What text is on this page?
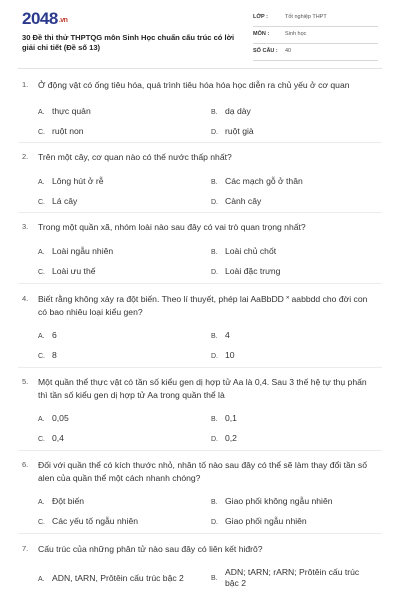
2048.vn
30 Đề thi thử THPTQG môn Sinh Học chuẩn cấu trúc có lời giải chi tiết (Đề số 13)
LỚP :	Tốt nghiệp THPT
MÔN :	Sinh học
SỐ CÂU : 40
1. Ở động vật có ống tiêu hóa, quá trình tiêu hóa hóa học diễn ra chủ yếu ở cơ quan
A. thực quản	B. dạ dày
C. ruột non	D. ruột già
2. Trên một cây, cơ quan nào có thế nước thấp nhất?
A. Lông hút ở rễ	B. Các mạch gỗ ở thân
C. Lá cây	D. Cành cây
3. Trong một quần xã, nhóm loài nào sau đây có vai trò quan trọng nhất?
A. Loài ngẫu nhiên	B. Loài chủ chốt
C. Loài ưu thế	D. Loài đặc trưng
4. Biết rằng không xảy ra đột biến. Theo lí thuyết, phép lai AaBbDD ˟ aabbdd cho đời con có bao nhiêu loại kiểu gen?
A. 6	B. 4
C. 8	D. 10
5. Một quần thể thực vật có tần số kiểu gen dị hợp tử Aa là 0,4. Sau 3 thế hệ tự thụ phấn thì tần số kiểu gen dị hợp tử Aa trong quần thể là
A. 0,05	B. 0,1
C. 0,4	D. 0,2
6. Đối với quần thể có kích thước nhỏ, nhân tố nào sau đây có thể sẽ làm thay đổi tần số alen của quần thể một cách nhanh chóng?
A. Đột biến	B. Giao phối không ngẫu nhiên
C. Các yếu tố ngẫu nhiên	D. Giao phối ngẫu nhiên
7. Cấu trúc của những phân tử nào sau đây có liên kết hiđrô?
A. ADN, tARN, Prôtêin cấu trúc bậc 2	B.ADN; tARN; rARN; Prôtêin cấu trúc bậc 2
